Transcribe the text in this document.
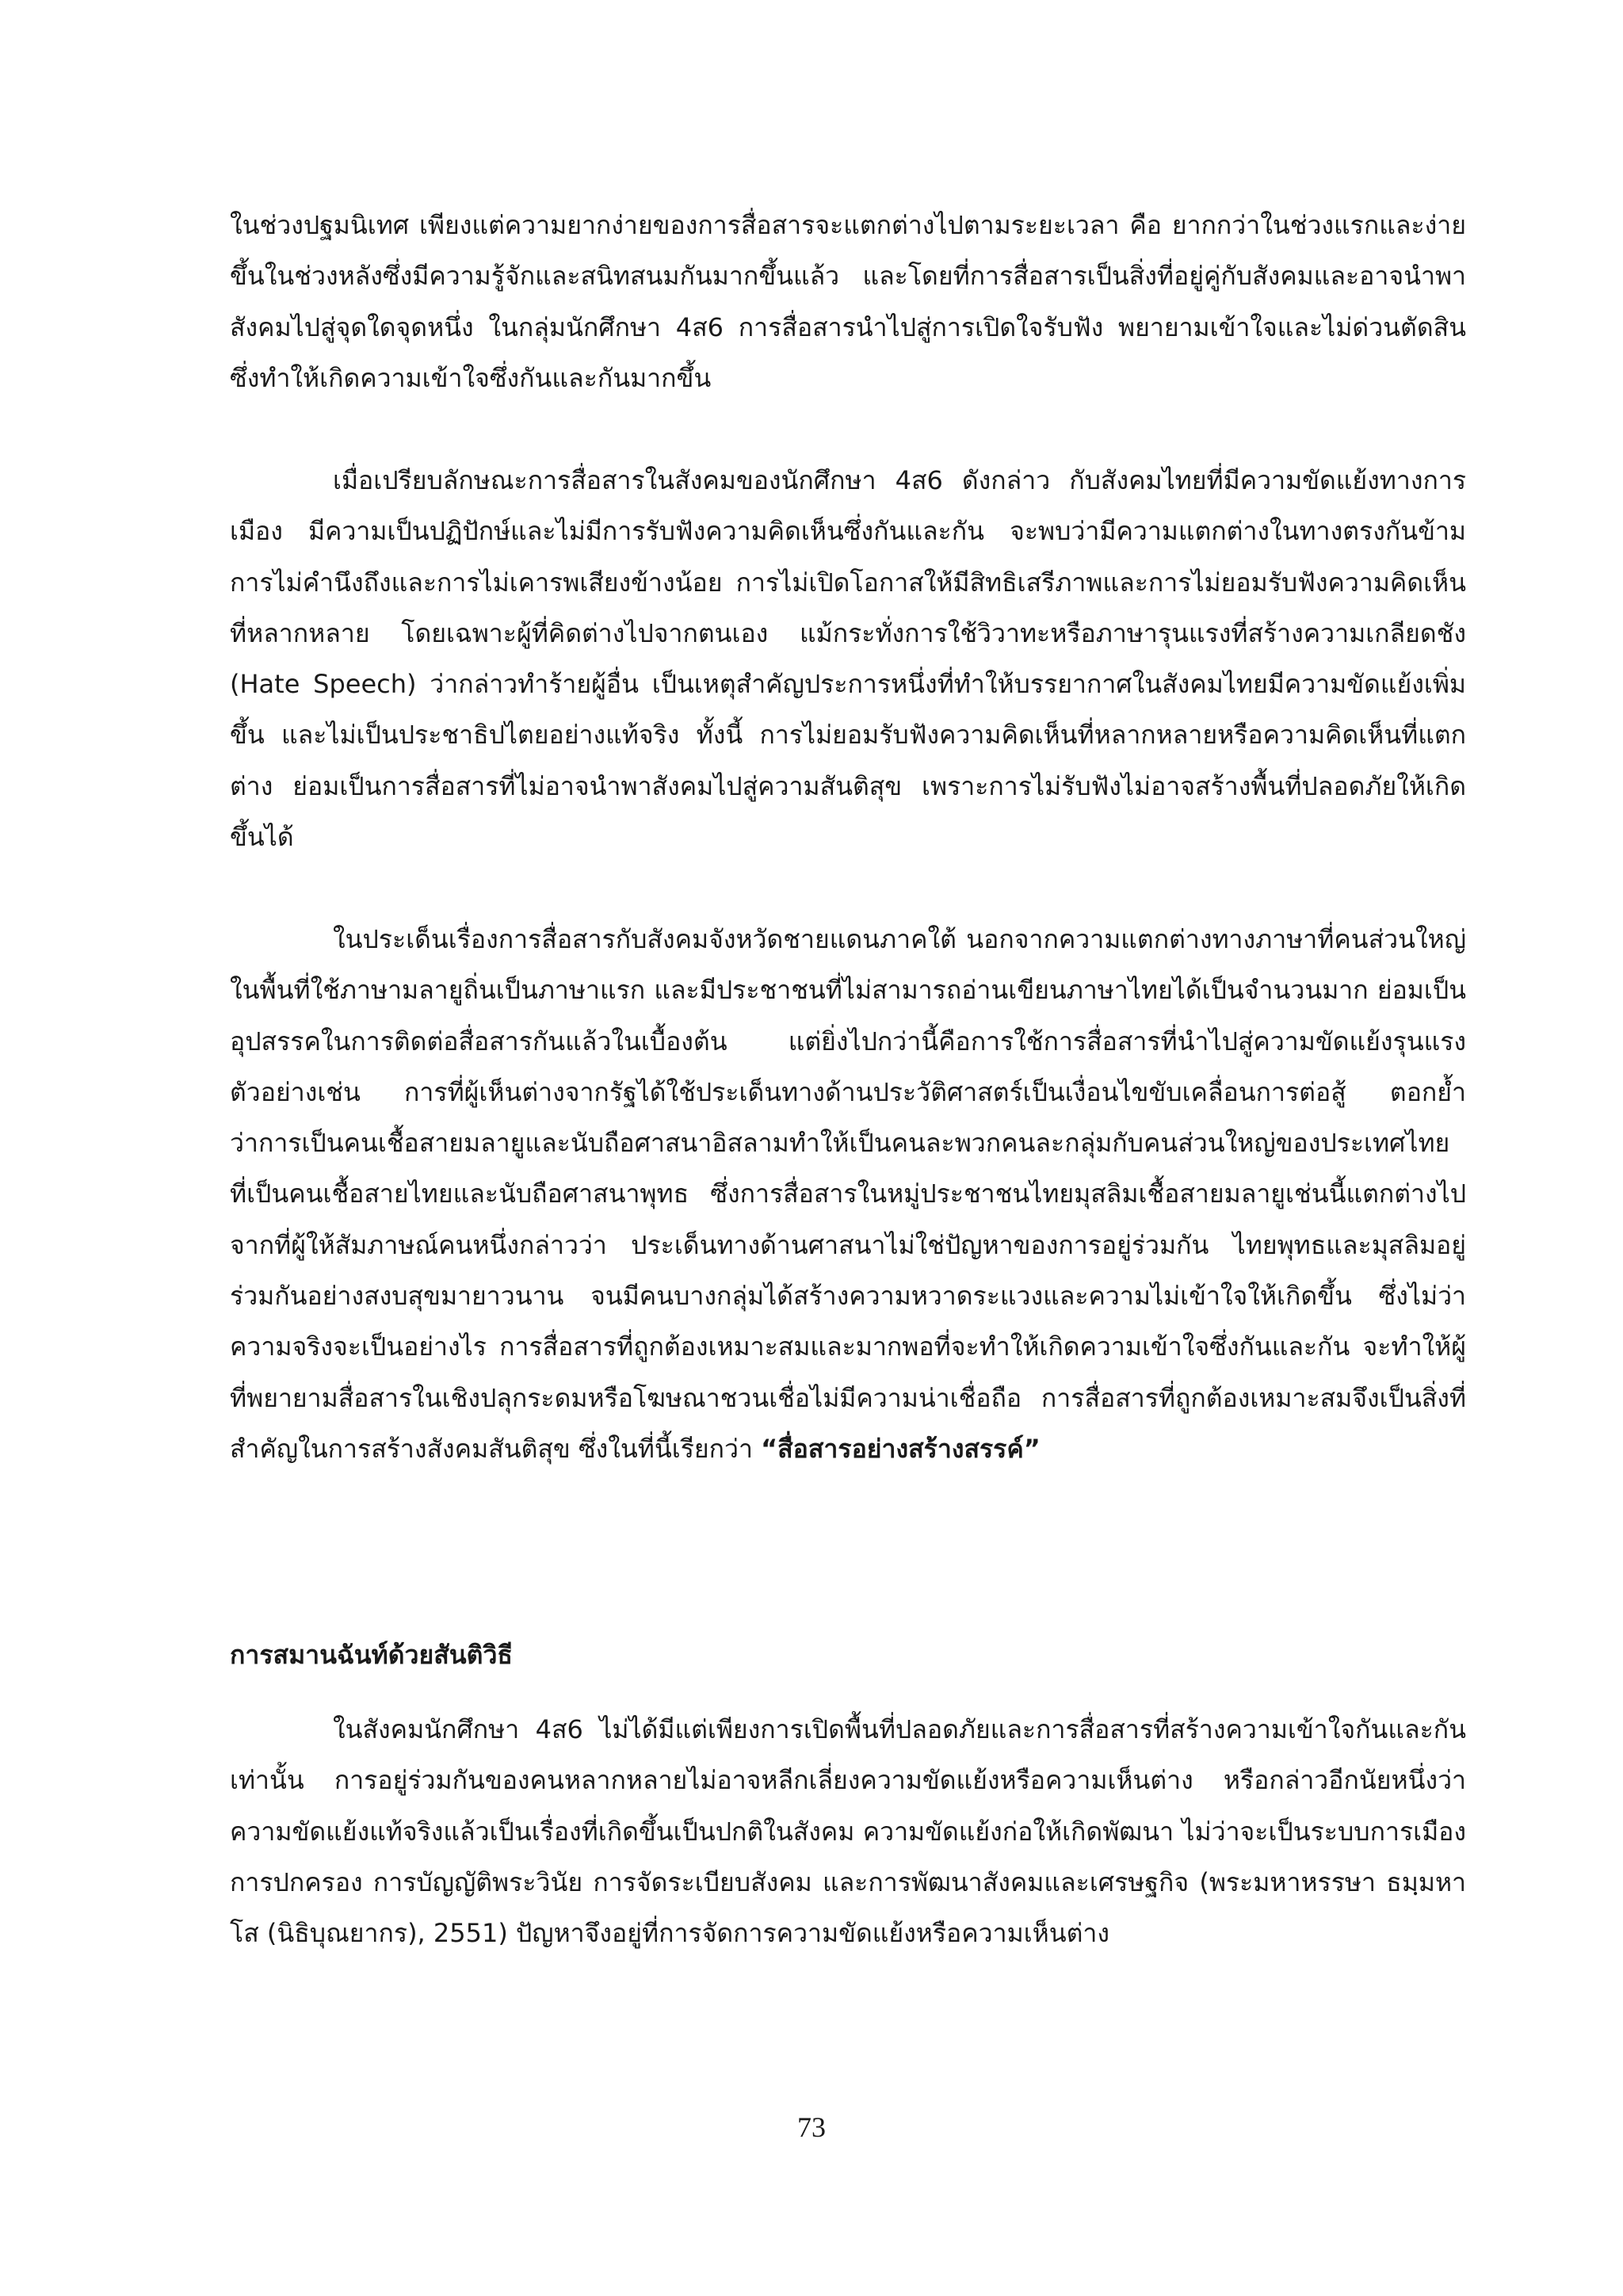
ในช่วงปฐมนิเทศ เพียงแต่ความยากง่ายของการสื่อสารจะแตกต่างไปตามระยะเวลา คือ ยากกว่าในช่วงแรกและง่ายขึ้นในช่วงหลังซึ่งมีความรู้จักและสนิทสนมกันมากขึ้นแล้ว และโดยที่การสื่อสารเป็นสิ่งที่อยู่คู่กับสังคมและอาจนำพาสังคมไปสู่จุดใดจุดหนึ่ง ในกลุ่มนักศึกษา 4ส6 การสื่อสารนำไปสู่การเปิดใจรับฟัง พยายามเข้าใจและไม่ด่วนตัดสิน ซึ่งทำให้เกิดความเข้าใจซึ่งกันและกันมากขึ้น

เมื่อเปรียบลักษณะการสื่อสารในสังคมของนักศึกษา 4ส6 ดังกล่าว กับสังคมไทยที่มีความขัดแย้งทางการเมือง มีความเป็นปฏิปักษ์และไม่มีการรับฟังความคิดเห็นซึ่งกันและกัน จะพบว่ามีความแตกต่างในทางตรงกันข้าม การไม่คำนึงถึงและการไม่เคารพเสียงข้างน้อย การไม่เปิดโอกาสให้มีสิทธิเสรีภาพและการไม่ยอมรับฟังความคิดเห็นที่หลากหลาย โดยเฉพาะผู้ที่คิดต่างไปจากตนเอง แม้กระทั่งการใช้วิวาทะหรือภาษารุนแรงที่สร้างความเกลียดชัง (Hate Speech) ว่ากล่าวทำร้ายผู้อื่น เป็นเหตุสำคัญประการหนึ่งที่ทำให้บรรยากาศในสังคมไทยมีความขัดแย้งเพิ่มขึ้น และไม่เป็นประชาธิปไตยอย่างแท้จริง ทั้งนี้ การไม่ยอมรับฟังความคิดเห็นที่หลากหลายหรือความคิดเห็นที่แตกต่าง ย่อมเป็นการสื่อสารที่ไม่อาจนำพาสังคมไปสู่ความสันติสุข เพราะการไม่รับฟังไม่อาจสร้างพื้นที่ปลอดภัยให้เกิดขึ้นได้

ในประเด็นเรื่องการสื่อสารกับสังคมจังหวัดชายแดนภาคใต้ นอกจากความแตกต่างทางภาษาที่คนส่วนใหญ่ในพื้นที่ใช้ภาษามลายูถิ่นเป็นภาษาแรก และมีประชาชนที่ไม่สามารถอ่านเขียนภาษาไทยได้เป็นจำนวนมาก ย่อมเป็นอุปสรรคในการติดต่อสื่อสารกันแล้วในเบื้องต้น แต่ยิ่งไปกว่านี้คือการใช้การสื่อสารที่นำไปสู่ความขัดแย้งรุนแรง ตัวอย่างเช่น การที่ผู้เห็นต่างจากรัฐได้ใช้ประเด็นทางด้านประวัติศาสตร์เป็นเงื่อนไขขับเคลื่อนการต่อสู้ ตอกย้ำว่าการเป็นคนเชื้อสายมลายูและนับถือศาสนาอิสลามทำให้เป็นคนละพวกคนละกลุ่มกับคนส่วนใหญ่ของประเทศไทยที่เป็นคนเชื้อสายไทยและนับถือศาสนาพุทธ ซึ่งการสื่อสารในหมู่ประชาชนไทยมุสลิมเชื้อสายมลายูเช่นนี้แตกต่างไปจากที่ผู้ให้สัมภาษณ์คนหนึ่งกล่าวว่า ประเด็นทางด้านศาสนาไม่ใช่ปัญหาของการอยู่ร่วมกัน ไทยพุทธและมุสลิมอยู่ร่วมกันอย่างสงบสุขมายาวนาน จนมีคนบางกลุ่มได้สร้างความหวาดระแวงและความไม่เข้าใจให้เกิดขึ้น ซึ่งไม่ว่าความจริงจะเป็นอย่างไร การสื่อสารที่ถูกต้องเหมาะสมและมากพอที่จะทำให้เกิดความเข้าใจซึ่งกันและกัน จะทำให้ผู้ที่พยายามสื่อสารในเชิงปลุกระดมหรือโฆษณาชวนเชื่อไม่มีความน่าเชื่อถือ การสื่อสารที่ถูกต้องเหมาะสมจึงเป็นสิ่งที่สำคัญในการสร้างสังคมสันติสุข ซึ่งในที่นี้เรียกว่า “สื่อสารอย่างสร้างสรรค์”

การสมานฉันท์ด้วยสันติวิธี

ในสังคมนักศึกษา 4ส6 ไม่ได้มีแต่เพียงการเปิดพื้นที่ปลอดภัยและการสื่อสารที่สร้างความเข้าใจกันและกันเท่านั้น การอยู่ร่วมกันของคนหลากหลายไม่อาจหลีกเลี่ยงความขัดแย้งหรือความเห็นต่าง หรือกล่าวอีกนัยหนึ่งว่าความขัดแย้งแท้จริงแล้วเป็นเรื่องที่เกิดขึ้นเป็นปกติในสังคม ความขัดแย้งก่อให้เกิดพัฒนา ไม่ว่าจะเป็นระบบการเมืองการปกครอง การบัญญัติพระวินัย การจัดระเบียบสังคม และการพัฒนาสังคมและเศรษฐกิจ (พระมหาหรรษา ธมฺมหาโส (นิธิบุณยากร), 2551) ปัญหาจึงอยู่ที่การจัดการความขัดแย้งหรือความเห็นต่าง

73
